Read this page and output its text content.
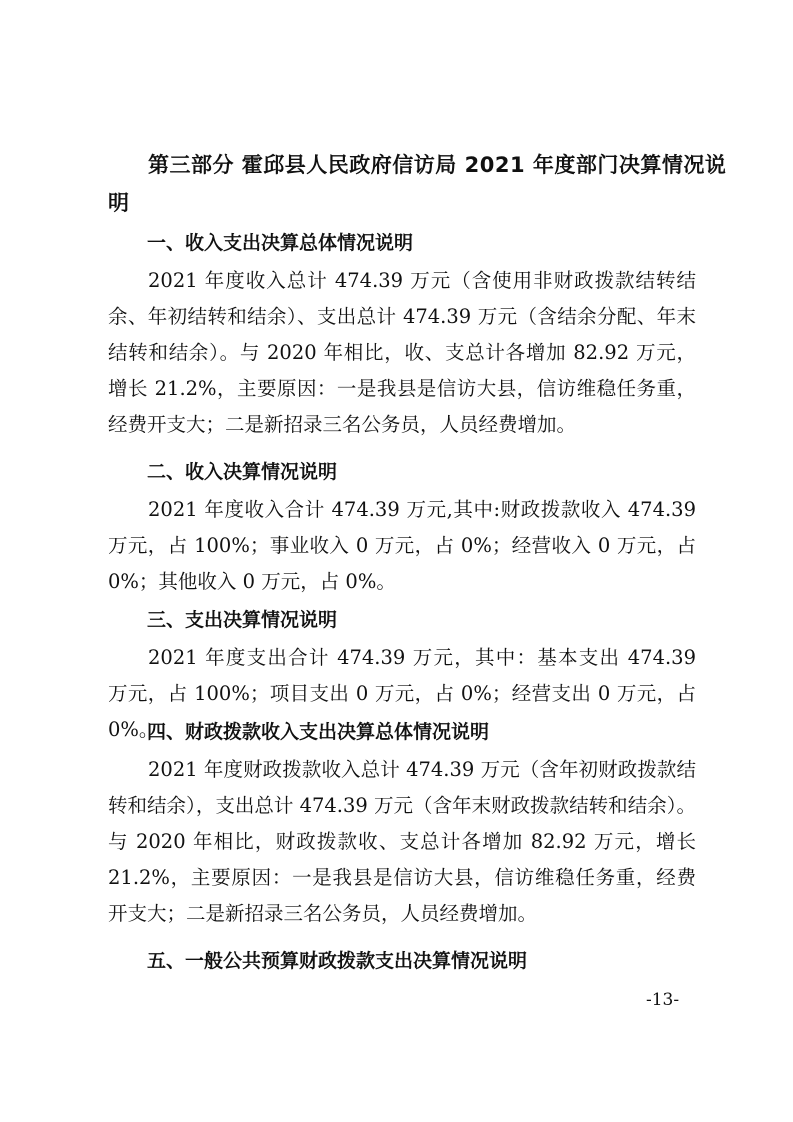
第三部分 霍邱县人民政府信访局 2021 年度部门决算情况说
明
一、收入支出决算总体情况说明

2021 年度收入总计 474.39 万元（含使用非财政拨款结转结余、年初结转和结余）、支出总计 474.39 万元（含结余分配、年末结转和结余）。与 2020 年相比，收、支总计各增加 82.92 万元，增长 21.2%，主要原因：一是我县是信访大县，信访维稳任务重，经费开支大；二是新招录三名公务员，人员经费增加。

二、收入决算情况说明

2021 年度收入合计 474.39 万元,其中:财政拨款收入 474.39 万元，占 100%；事业收入 0 万元，占 0%；经营收入 0 万元，占 0%；其他收入 0 万元，占 0%。

三、支出决算情况说明

2021 年度支出合计 474.39 万元，其中：基本支出 474.39 万元，占 100%；项目支出 0 万元，占 0%；经营支出 0 万元，占 0%。

四、财政拨款收入支出决算总体情况说明

2021 年度财政拨款收入总计 474.39 万元（含年初财政拨款结转和结余），支出总计 474.39 万元（含年末财政拨款结转和结余）。与 2020 年相比，财政拨款收、支总计各增加 82.92 万元，增长 21.2%，主要原因：一是我县是信访大县，信访维稳任务重，经费开支大；二是新招录三名公务员，人员经费增加。

五、一般公共预算财政拨款支出决算情况说明
-13-
